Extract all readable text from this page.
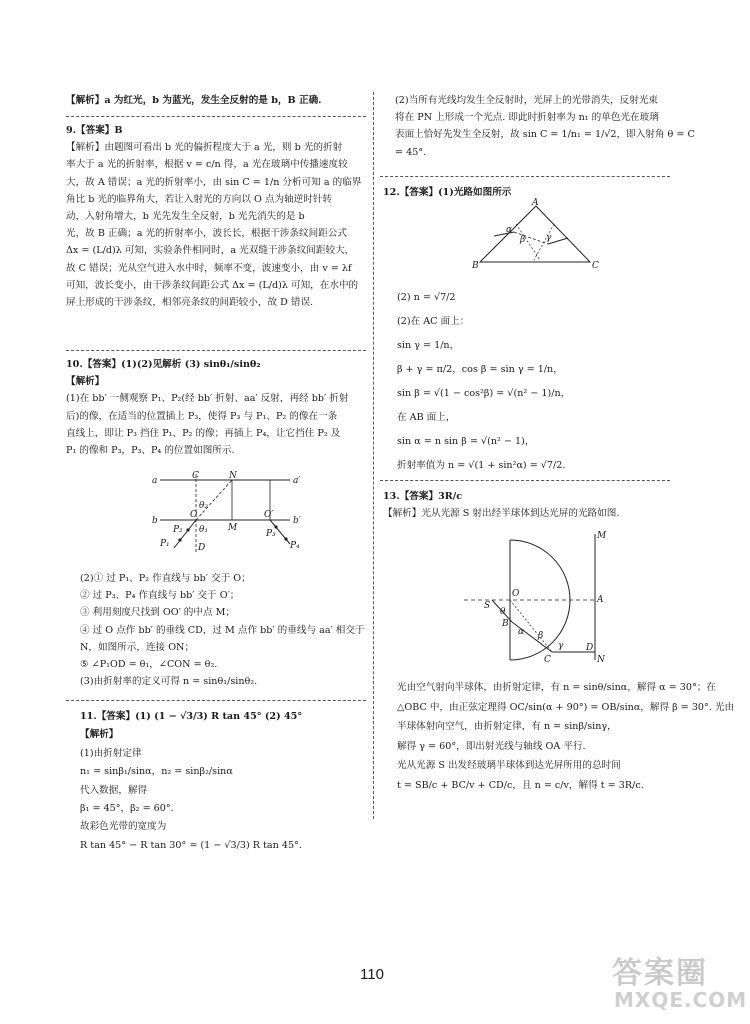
【解析】a 为红光，b 为蓝光，发生全反射的是 b，B 正确.

9.【答案】B

【解析】由题图可看出 b 光的偏折程度大于 a 光，则 b 光的折射

率大于 a 光的折射率，根据 v = c/n 得，a 光在玻璃中传播速度较

大，故 A 错误；a 光的折射率小，由 sin C = 1/n 分析可知 a 的临界

角比 b 光的临界角大，若让入射光的方向以 O 点为轴逆时针转

动，入射角增大，b 光先发生全反射，b 光先消失的是 b

光，故 B 正确；a 光的折射率小，波长长，根据干涉条纹间距公式

Δx = (L/d)λ 可知，实验条件相同时，a 光双缝干涉条纹间距较大，

故 C 错误；光从空气进入水中时，频率不变，波速变小，由 v = λf

可知，波长变小，由干涉条纹间距公式 Δx = (L/d)λ 可知，在水中的

屏上形成的干涉条纹，相邻亮条纹的间距较小，故 D 错误.

10.【答案】(1)(2)见解析 (3) sinθ₁/sinθ₂

【解析】

(1)在 bb′ 一侧观察 P₁、P₂(经 bb′ 折射、aa′ 反射，再经 bb′ 折射

后)的像，在适当的位置插上 P₃，使得 P₃ 与 P₁、P₂ 的像在一条

直线上，即让 P₃ 挡住 P₁、P₂ 的像；再插上 P₄，让它挡住 P₂ 及

P₁ 的像和 P₃，P₃、P₄ 的位置如图所示.

a	a′
b	b′
C	N
O	O′
M
D
P₁
P₂	P₃
P₄
θ₁
θ₂

(2)① 过 P₁、P₂ 作直线与 bb′ 交于 O；

② 过 P₃、P₄ 作直线与 bb′ 交于 O′；

③ 利用刻度尺找到 OO′ 的中点 M；

④ 过 O 点作 bb′ 的垂线 CD，过 M 点作 bb′ 的垂线与 aa′ 相交于

N，如图所示，连接 ON；

⑤ ∠P₁OD = θ₁，∠CON = θ₂.

(3)由折射率的定义可得 n = sinθ₁/sinθ₂.

11.【答案】(1) (1 − √3/3) R tan 45° (2) 45°

【解析】

(1)由折射定律

n₁ = sinβ₁/sinα，n₂ = sinβ₂/sinα

代入数据，解得

β₁ = 45°，β₂ = 60°.

故彩色光带的宽度为

R tan 45° − R tan 30° = (1 − √3/3) R tan 45°.

(2)当所有光线均发生全反射时，光屏上的光带消失，反射光束

将在 PN 上形成一个光点. 即此时折射率为 n₁ 的单色光在玻璃

表面上恰好先发生全反射，故 sin C = 1/n₁ = 1/√2，即入射角 θ = C

= 45°.

12.【答案】(1)光路如图所示

A
B	C
α
β γ

(2) n = √7/2

(2)在 AC 面上：

sin γ = 1/n，

β + γ = π/2，cos β = sin γ = 1/n，

sin β = √(1 − cos²β) = √(n² − 1)/n，

在 AB 面上，

sin α = n sin β = √(n² − 1)，

折射率值为 n = √(1 + sin²α) = √7/2.

13.【答案】3R/c

【解析】光从光源 S 射出经半球体到达光屏的光路如图.

M
N
O
A
S
B
C
D
θ
α β
γ

光由空气射向半球体，由折射定律，有 n = sinθ/sinα，解得 α = 30°；在

△OBC 中，由正弦定理得 OC/sin(α + 90°) = OB/sinα，解得 β = 30°. 光由

半球体射向空气，由折射定律，有 n = sinβ/sinγ，

解得 γ = 60°，即出射光线与轴线 OA 平行.

光从光源 S 出发经玻璃半球体到达光屏所用的总时间

t = SB/c + BC/v + CD/c，且 n = c/v，解得 t = 3R/c.

110	答案圈
MXQE.COM
